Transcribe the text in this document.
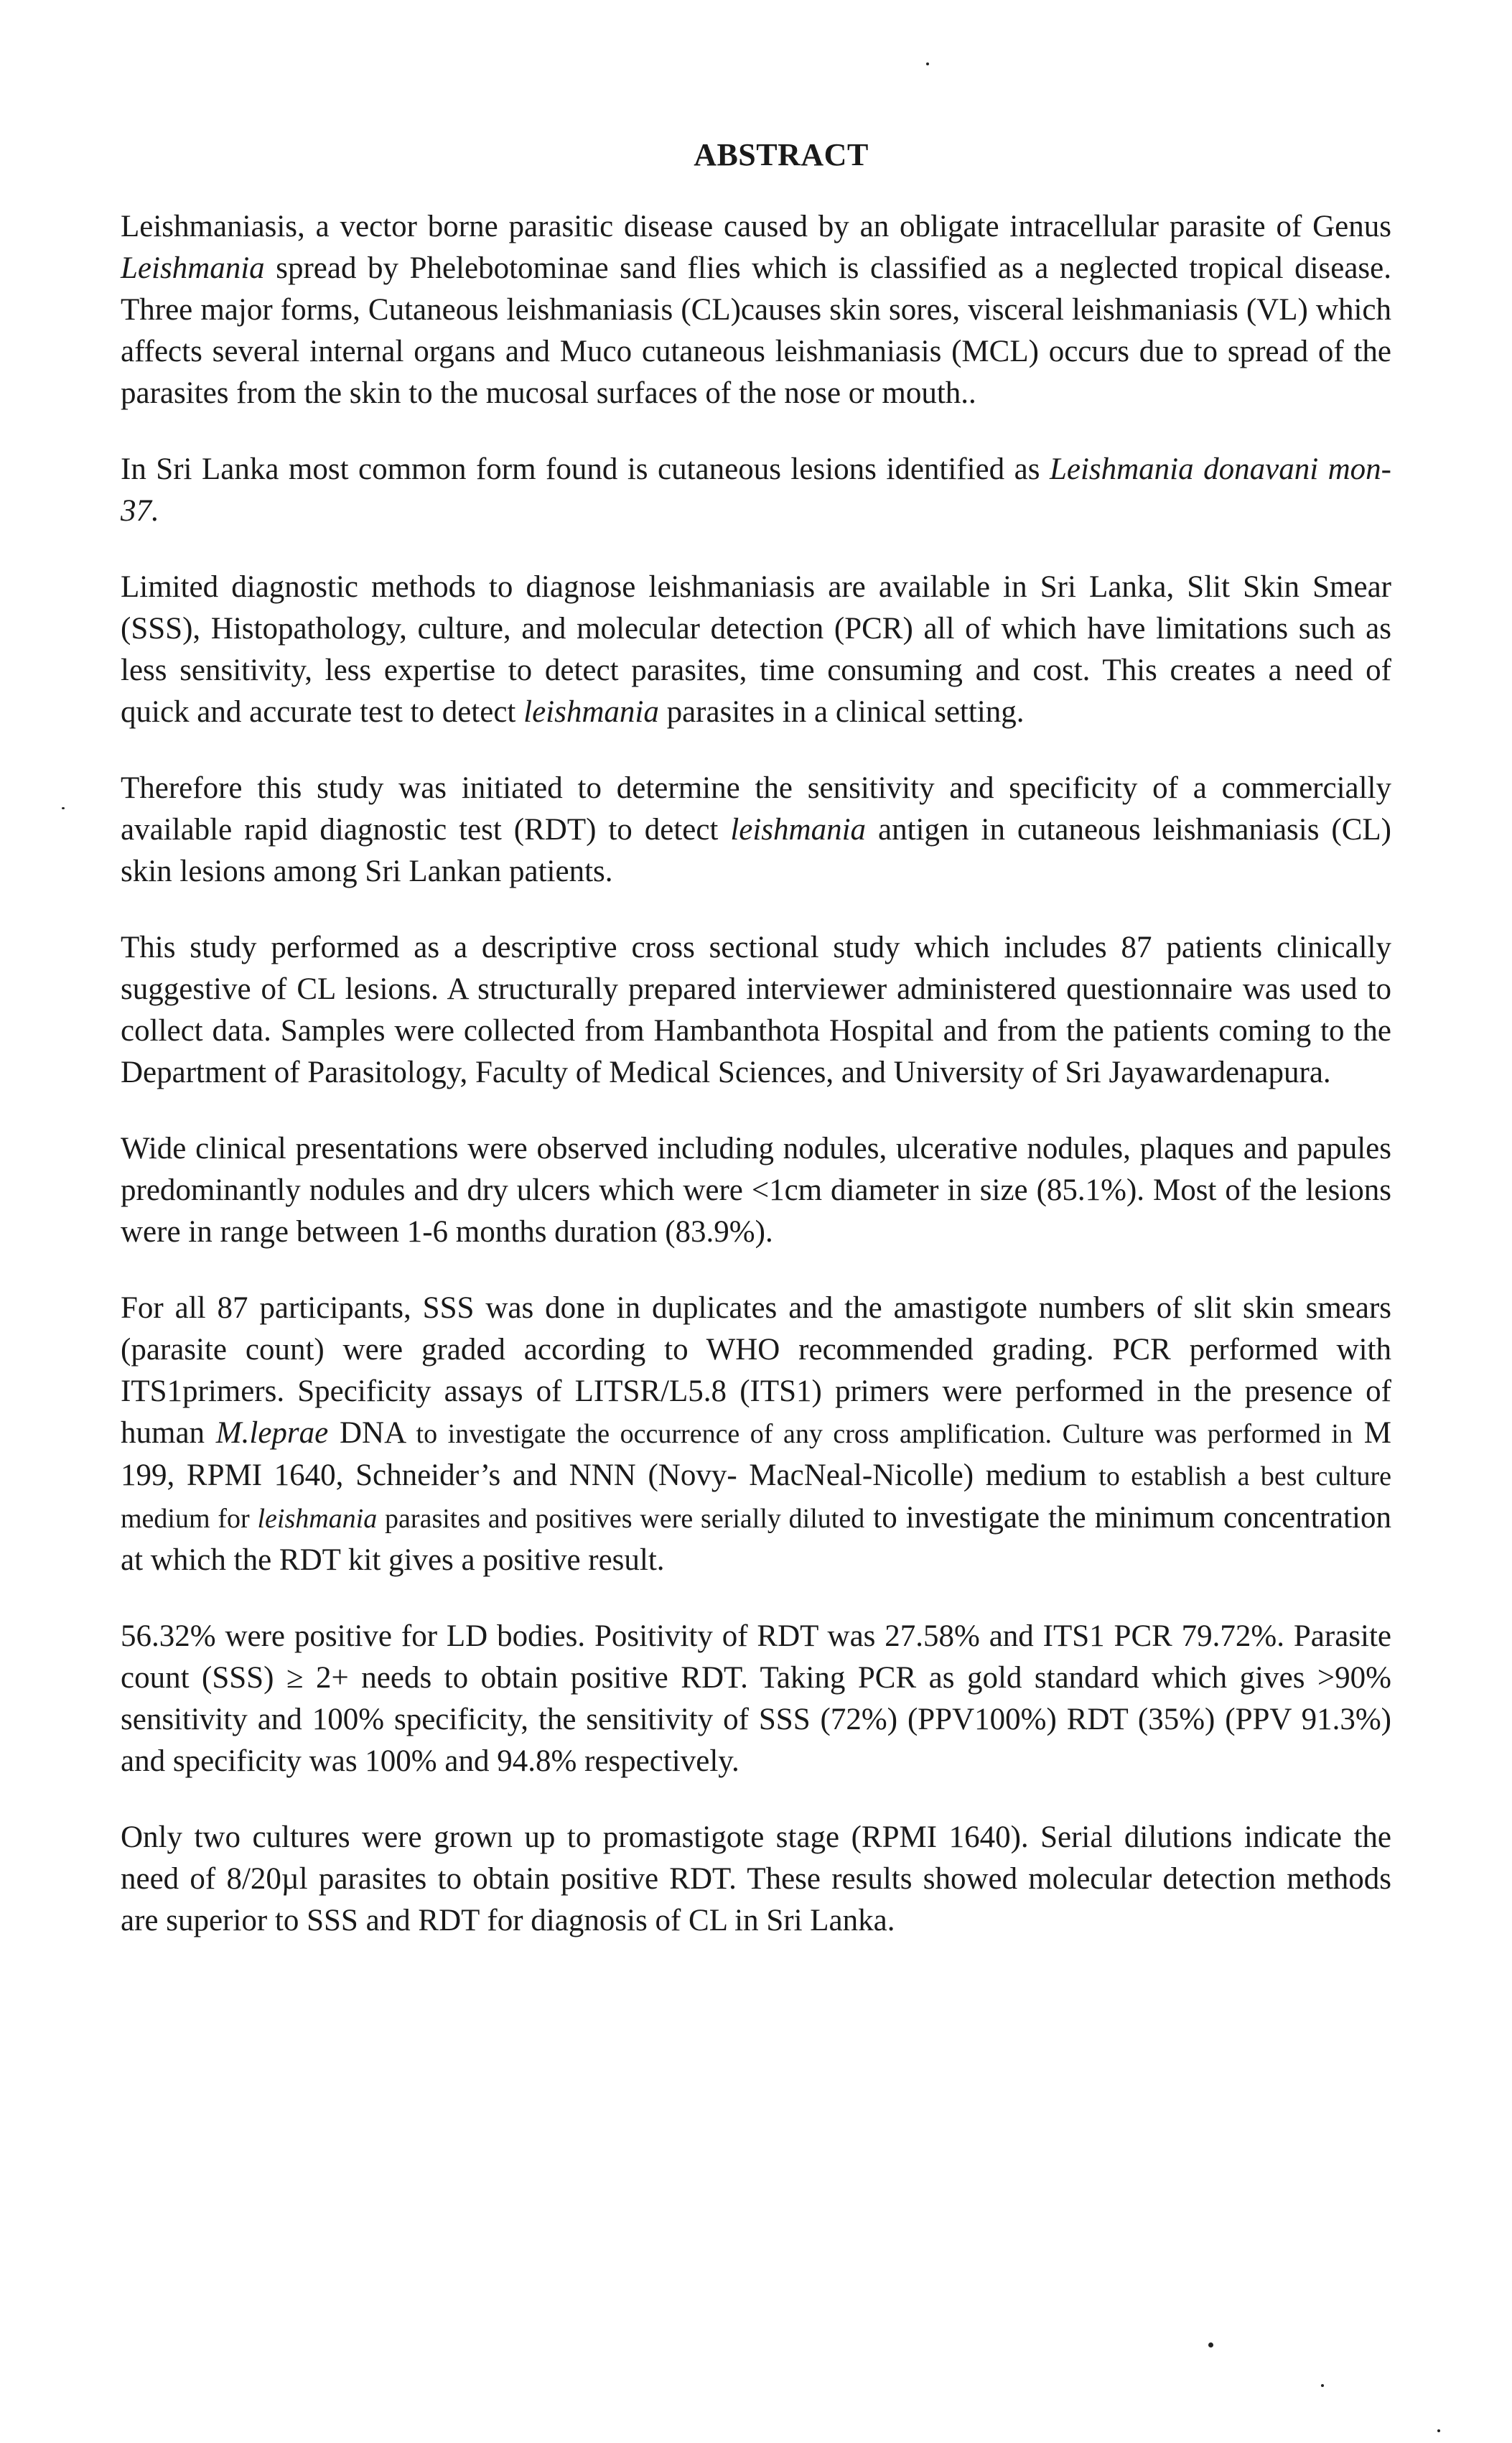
ABSTRACT

Leishmaniasis, a vector borne parasitic disease caused by an obligate intracellular parasite of Genus Leishmania spread by Phelebotominae sand flies which is classified as a neglected tropical disease. Three major forms, Cutaneous leishmaniasis (CL)causes skin sores, visceral leishmaniasis (VL) which affects several internal organs and Muco cutaneous leishmaniasis (MCL) occurs due to spread of the parasites from the skin to the mucosal surfaces of the nose or mouth..

In Sri Lanka most common form found is cutaneous lesions identified as Leishmania donavani mon-37.

Limited diagnostic methods to diagnose leishmaniasis are available in Sri Lanka, Slit Skin Smear (SSS), Histopathology, culture, and molecular detection (PCR) all of which have limitations such as less sensitivity, less expertise to detect parasites, time consuming and cost. This creates a need of quick and accurate test to detect leishmania parasites in a clinical setting.

Therefore this study was initiated to determine the sensitivity and specificity of a commercially available rapid diagnostic test (RDT) to detect leishmania antigen in cutaneous leishmaniasis (CL) skin lesions among Sri Lankan patients.

This study performed as a descriptive cross sectional study which includes 87 patients clinically suggestive of CL lesions. A structurally prepared interviewer administered questionnaire was used to collect data. Samples were collected from Hambanthota Hospital and from the patients coming to the Department of Parasitology, Faculty of Medical Sciences, and University of Sri Jayawardenapura.

Wide clinical presentations were observed including nodules, ulcerative nodules, plaques and papules predominantly nodules and dry ulcers which were <1cm diameter in size (85.1%). Most of the lesions were in range between 1-6 months duration (83.9%).

For all 87 participants, SSS was done in duplicates and the amastigote numbers of slit skin smears (parasite count) were graded according to WHO recommended grading. PCR performed with ITS1primers. Specificity assays of LITSR/L5.8 (ITS1) primers were performed in the presence of human M.leprae DNA to investigate the occurrence of any cross amplification. Culture was performed in M 199, RPMI 1640, Schneider’s and NNN (Novy- MacNeal-Nicolle) medium to establish a best culture medium for leishmania parasites and positives were serially diluted to investigate the minimum concentration at which the RDT kit gives a positive result.

56.32% were positive for LD bodies. Positivity of RDT was 27.58% and ITS1 PCR 79.72%. Parasite count (SSS) ≥ 2+ needs to obtain positive RDT. Taking PCR as gold standard which gives >90% sensitivity and 100% specificity, the sensitivity of SSS (72%) (PPV100%) RDT (35%) (PPV 91.3%) and specificity was 100% and 94.8% respectively.

Only two cultures were grown up to promastigote stage (RPMI 1640). Serial dilutions indicate the need of 8/20µl parasites to obtain positive RDT. These results showed molecular detection methods are superior to SSS and RDT for diagnosis of CL in Sri Lanka.
